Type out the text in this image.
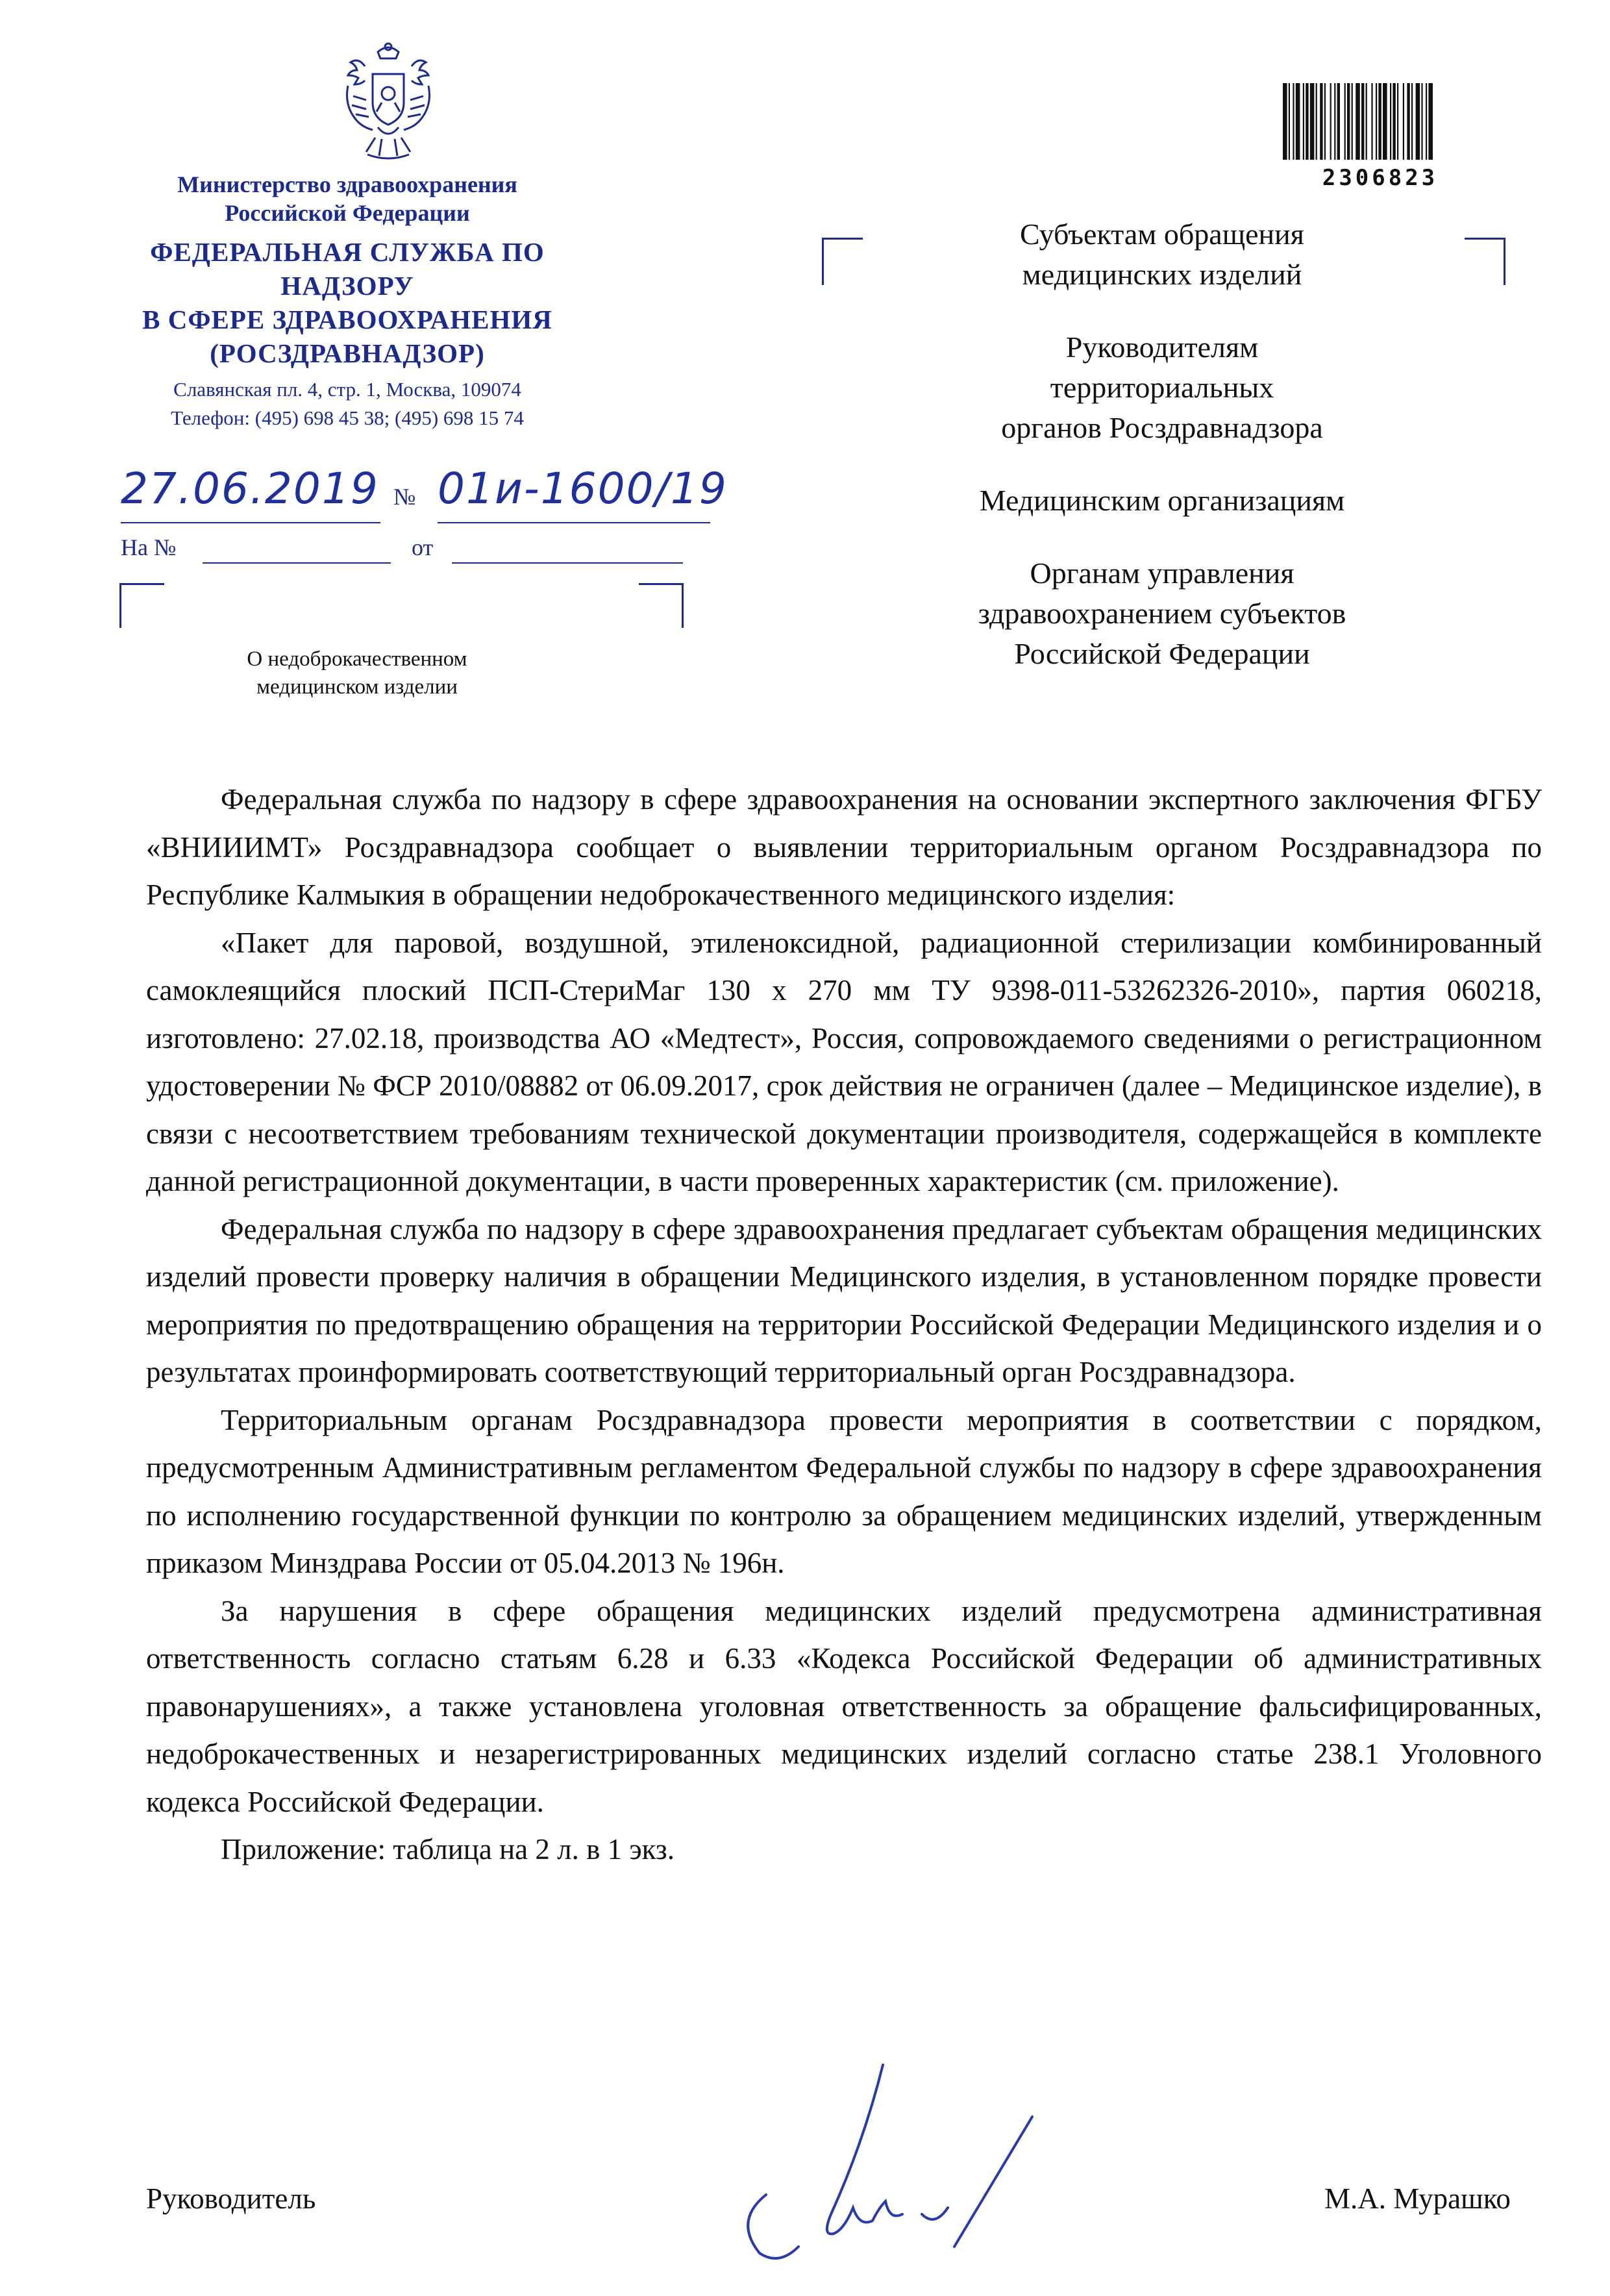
Министерство здравоохранения
Российской Федерации
ФЕДЕРАЛЬНАЯ СЛУЖБА ПО НАДЗОРУ
В СФЕРЕ ЗДРАВООХРАНЕНИЯ
(РОСЗДРАВНАДЗОР)
Славянская пл. 4, стр. 1, Москва, 109074
Телефон: (495) 698 45 38; (495) 698 15 74
27.06.2019 № 01и-1600/19
На №	от
О недоброкачественном
медицинском изделии
2306823
Субъектам обращения
медицинских изделий
Руководителям
территориальных
органов Росздравнадзора
Медицинским организациям
Органам управления
здравоохранением субъектов
Российской Федерации

Федеральная служба по надзору в сфере здравоохранения на основании экспертного заключения ФГБУ «ВНИИИМТ» Росздравнадзора сообщает о выявлении территориальным органом Росздравнадзора по Республике Калмыкия в обращении недоброкачественного медицинского изделия:

«Пакет для паровой, воздушной, этиленоксидной, радиационной стерилизации комбинированный самоклеящийся плоский ПСП-СтериМаг 130 х 270 мм ТУ 9398-011-53262326-2010», партия 060218, изготовлено: 27.02.18, производства АО «Медтест», Россия, сопровождаемого сведениями о регистрационном удостоверении № ФСР 2010/08882 от 06.09.2017, срок действия не ограничен (далее – Медицинское изделие), в связи с несоответствием требованиям технической документации производителя, содержащейся в комплекте данной регистрационной документации, в части проверенных характеристик (см. приложение).

Федеральная служба по надзору в сфере здравоохранения предлагает субъектам обращения медицинских изделий провести проверку наличия в обращении Медицинского изделия, в установленном порядке провести мероприятия по предотвращению обращения на территории Российской Федерации Медицинского изделия и о результатах проинформировать соответствующий территориальный орган Росздравнадзора.

Территориальным органам Росздравнадзора провести мероприятия в соответствии с порядком, предусмотренным Административным регламентом Федеральной службы по надзору в сфере здравоохранения по исполнению государственной функции по контролю за обращением медицинских изделий, утвержденным приказом Минздрава России от 05.04.2013 № 196н.

За нарушения в сфере обращения медицинских изделий предусмотрена административная ответственность согласно статьям 6.28 и 6.33 «Кодекса Российской Федерации об административных правонарушениях», а также установлена уголовная ответственность за обращение фальсифицированных, недоброкачественных и незарегистрированных медицинских изделий согласно статье 238.1 Уголовного кодекса Российской Федерации.

Приложение: таблица на 2 л. в 1 экз.

Руководитель	М.А. Мурашко
